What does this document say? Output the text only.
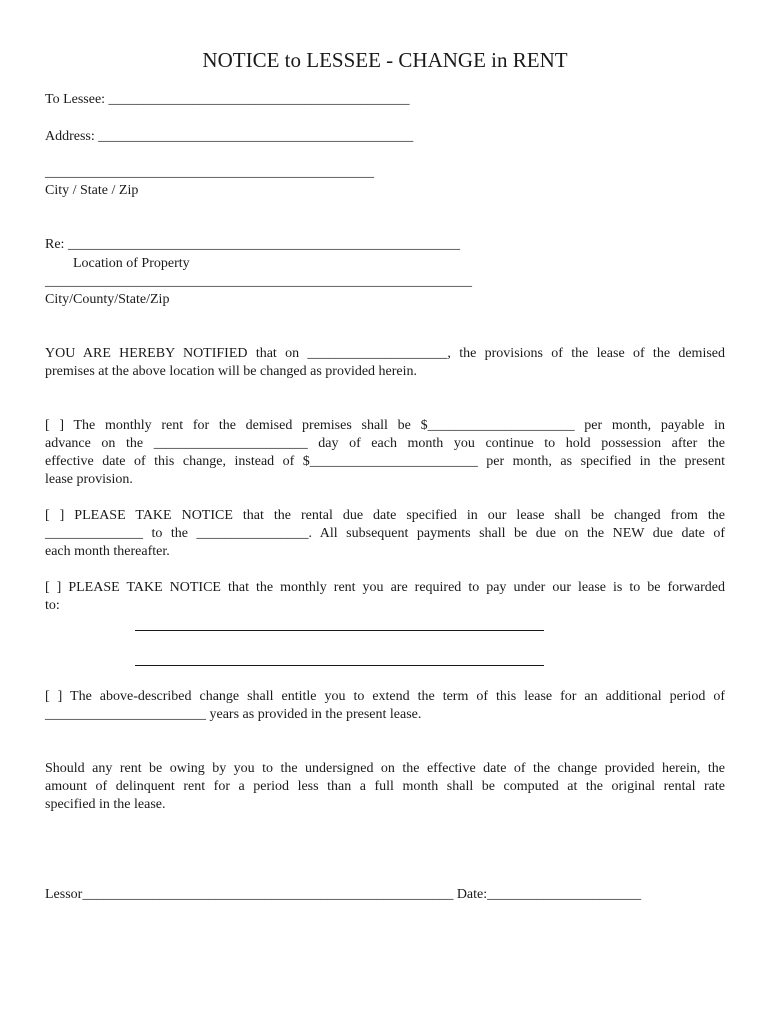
NOTICE to LESSEE - CHANGE in RENT
To Lessee: ___________________________________________
Address: _____________________________________________
_______________________________________________
City / State / Zip
Re: ________________________________________________________
Location of Property
_____________________________________________________________
City/County/State/Zip
YOU ARE HEREBY NOTIFIED that on ____________________, the provisions of the lease of the demised
premises at the above location will be changed as provided herein.
[ ] The monthly rent for the demised premises shall be $_____________________ per month, payable in
advance on the ______________________ day of each month you continue to hold possession after the
effective date of this change, instead of $________________________ per month, as specified in the present
lease provision.
[ ] PLEASE TAKE NOTICE that the rental due date specified in our lease shall be changed from the
______________ to the ________________. All subsequent payments shall be due on the NEW due date of
each month thereafter.
[ ] PLEASE TAKE NOTICE that the monthly rent you are required to pay under our lease is to be forwarded
to:
[ ] The above-described change shall entitle you to extend the term of this lease for an additional period of
_______________________ years as provided in the present lease.
Should any rent be owing by you to the undersigned on the effective date of the change provided herein, the
amount of delinquent rent for a period less than a full month shall be computed at the original rental rate
specified in the lease.
Lessor_____________________________________________________ Date:______________________
